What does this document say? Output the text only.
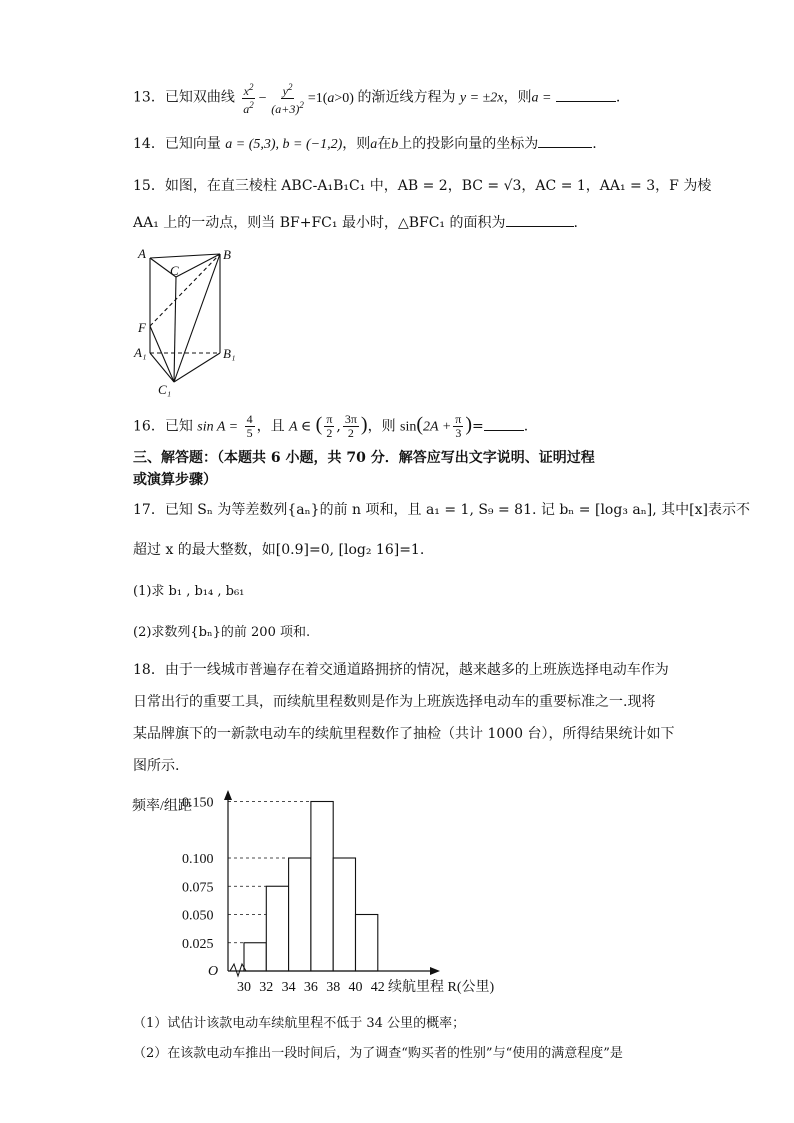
13．已知双曲线 $\frac{x^2}{a^2} - \frac{y^2}{(a+3)^2} =1(a>0)$ 的渐近线方程为 y = ±2x，则a =	.
14．已知向量 a = (5,3), b = (−1,2)，则a在b上的投影向量的坐标为	.
15．如图，在直三棱柱 ABC-A₁B₁C₁ 中，AB = 2，BC = √3，AC = 1，AA₁ = 3，F 为棱
AA₁ 上的一动点，则当 BF+FC₁ 最小时，△BFC₁ 的面积为	.
A	B
C
F
A₁	B₁
C₁
16．已知 $\sin A = \frac{4}{5}$ ，且 A ∈ ( $\frac{\pi}{2}$ , $\frac{3\pi}{2}$ )，则 $\sin(2A + \frac{\pi}{3}$ )=	.
三、解答题：（本题共 6 小题，共 70 分．解答应写出文字说明、证明过程
或演算步骤）
17．已知 Sₙ 为等差数列{aₙ}的前 n 项和，且 a₁ = 1, S₉ = 81. 记 bₙ = [log₃ aₙ], 其中[x]表示不
超过 x 的最大整数，如[0.9]=0, [log₂ 16]=1.
(1)求 b₁ , b₁₄ , b₆₁
(2)求数列{bₙ}的前 200 项和.
18．由于一线城市普遍存在着交通道路拥挤的情况，越来越多的上班族选择电动车作为
日常出行的重要工具，而续航里程数则是作为上班族选择电动车的重要标准之一.现将
某品牌旗下的一新款电动车的续航里程数作了抽检（共计 1000 台），所得结果统计如下
图所示.
频率/组距
O
续航里程 R(公里)
0.025
0.050
0.075
0.100
0.150
30 32 34 36 38 40 42
（1）试估计该款电动车续航里程不低于 34 公里的概率；
（2）在该款电动车推出一段时间后，为了调查“购买者的性别”与“使用的满意程度”是
